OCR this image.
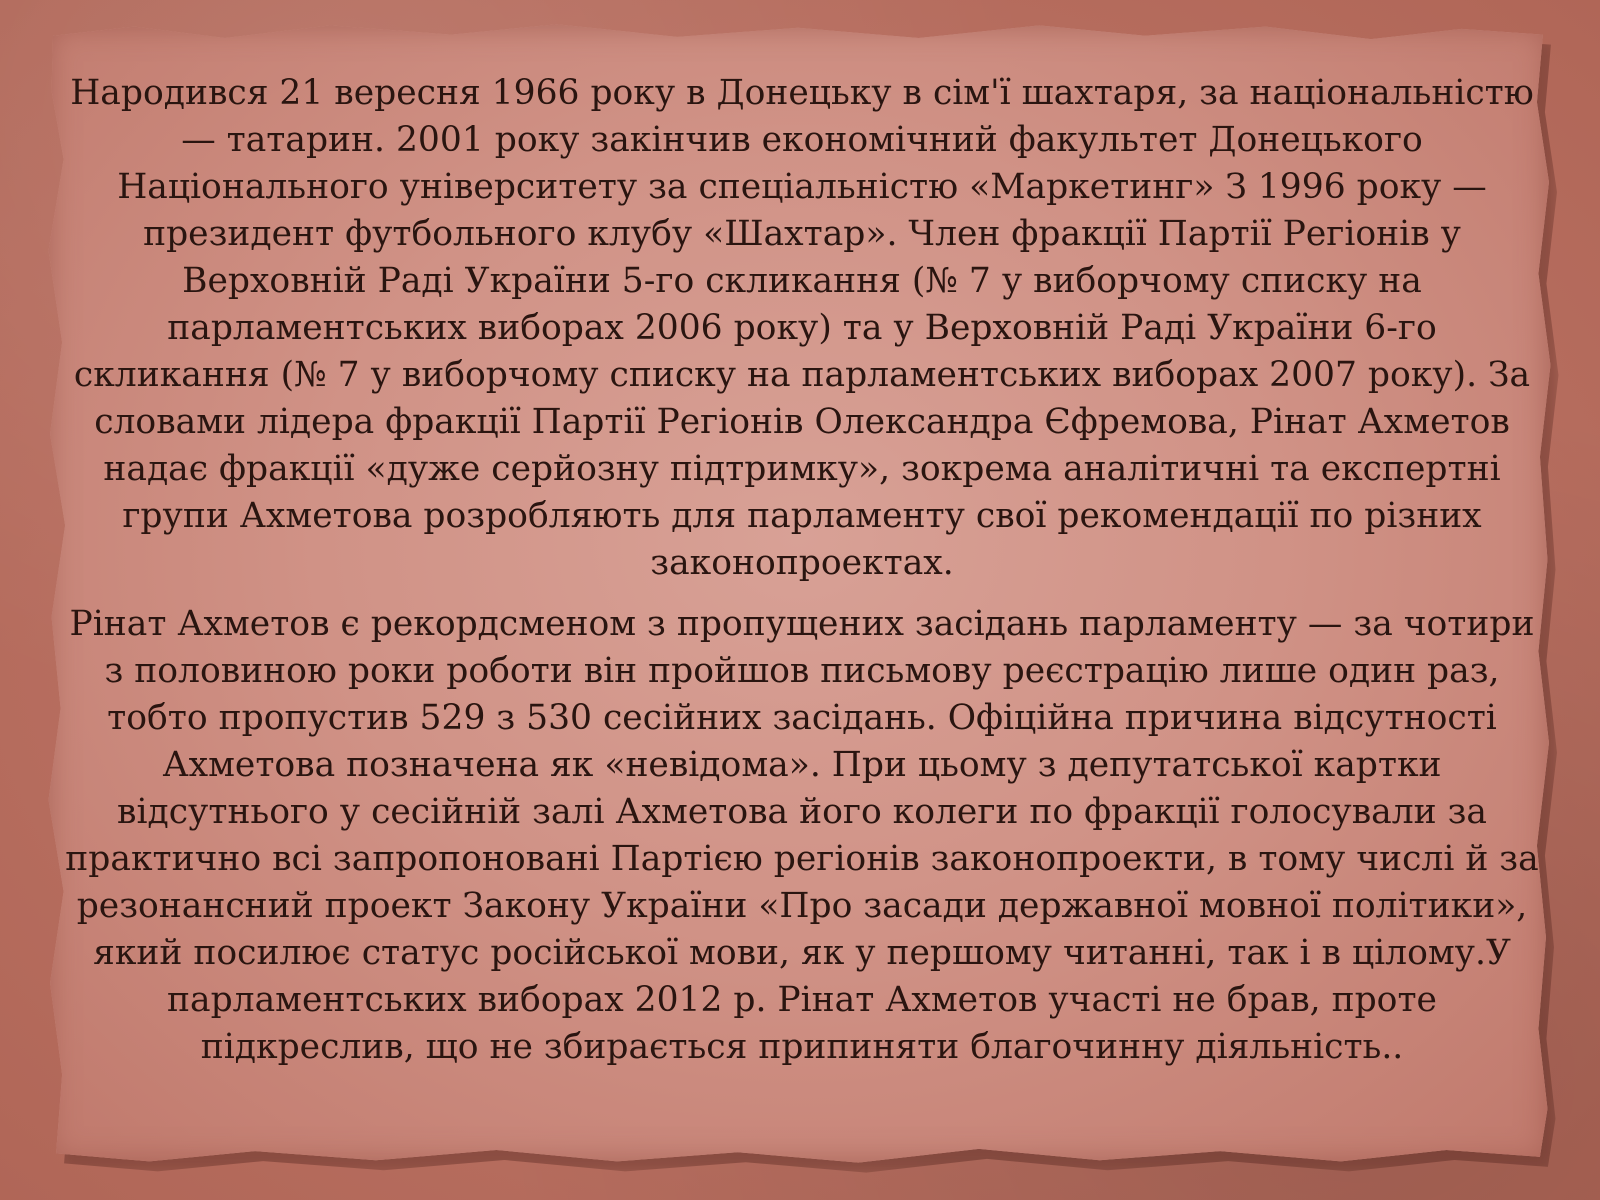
Народився 21 вересня 1966 року в Донецьку в сім'ї шахтаря, за національністю — татарин. 2001 року закінчив економічний факультет Донецького Національного університету за спеціальністю «Маркетинг» З 1996 року — президент футбольного клубу «Шахтар». Член фракції Партії Регіонів у Верховній Раді України 5-го скликання (№ 7 у виборчому списку на парламентських виборах 2006 року) та у Верховній Раді України 6-го скликання (№ 7 у виборчому списку на парламентських виборах 2007 року). За словами лідера фракції Партії Регіонів Олександра Єфремова, Рінат Ахметов надає фракції «дуже серйозну підтримку», зокрема аналітичні та експертні групи Ахметова розробляють для парламенту свої рекомендації по різних законопроектах.

Рінат Ахметов є рекордсменом з пропущених засідань парламенту — за чотири з половиною роки роботи він пройшов письмову реєстрацію лише один раз, тобто пропустив 529 з 530 сесійних засідань. Офіційна причина відсутності Ахметова позначена як «невідома». При цьому з депутатської картки відсутнього у сесійній залі Ахметова його колеги по фракції голосували за практично всі запропоновані Партією регіонів законопроекти, в тому числі й за резонансний проект Закону України «Про засади державної мовної політики», який посилює статус російської мови, як у першому читанні, так і в цілому.У парламентських виборах 2012 р. Рінат Ахметов участі не брав, проте підкреслив, що не збирається припиняти благочинну діяльність..
